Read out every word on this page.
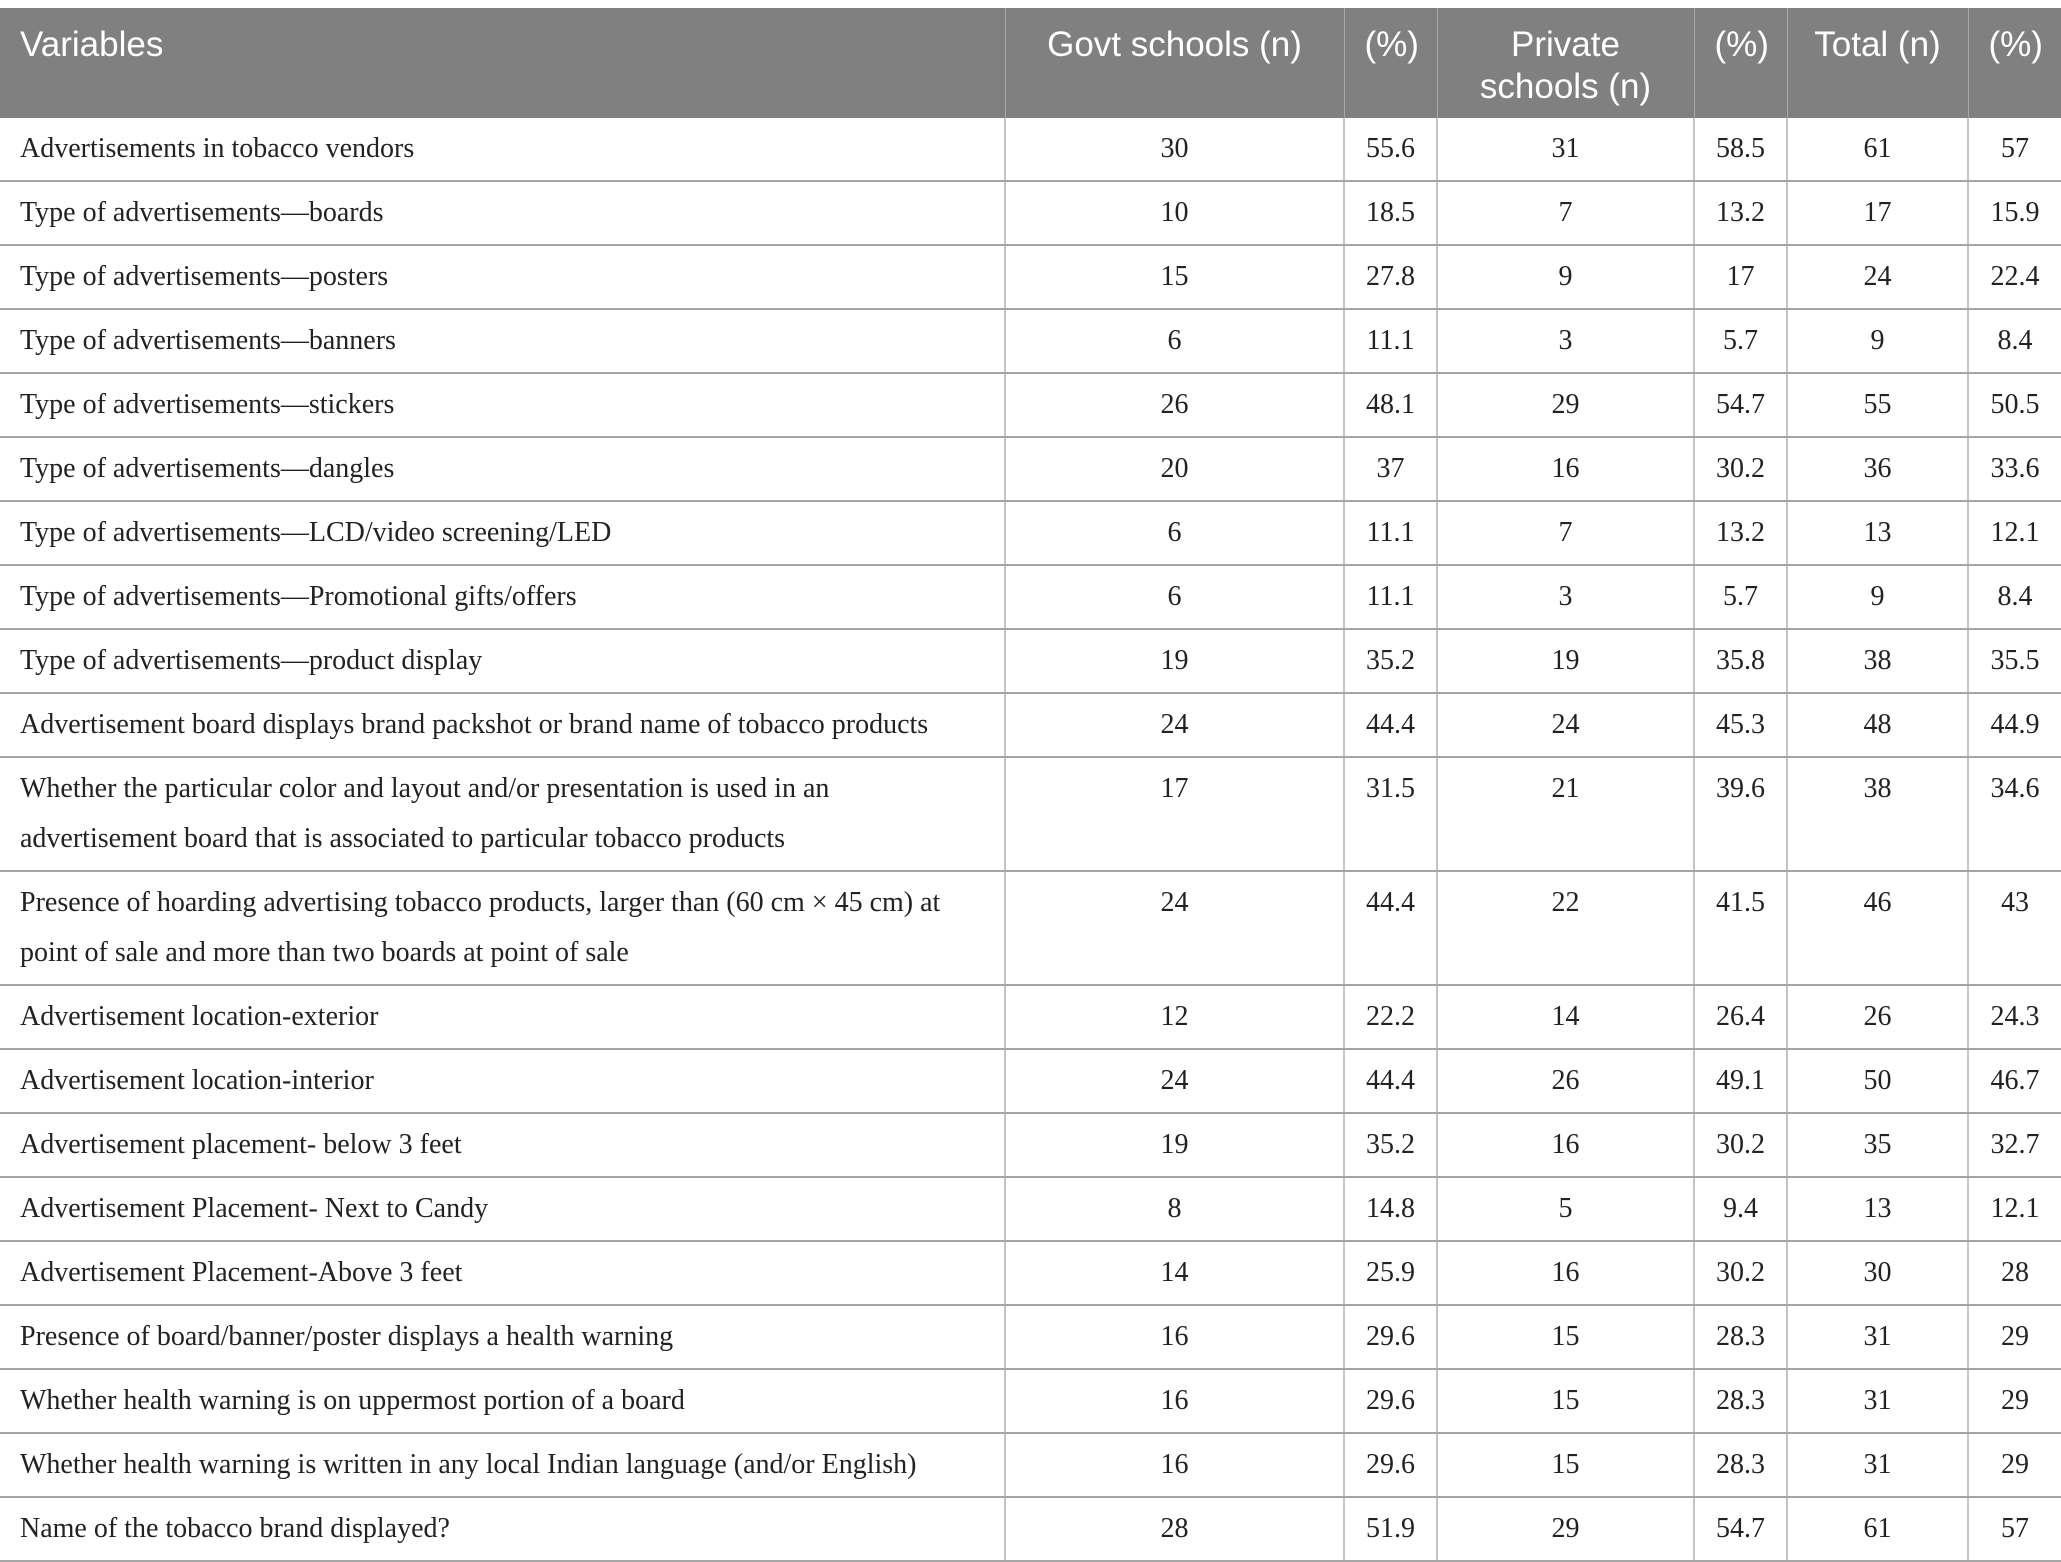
Variables	Govt schools (n)	(%)	Private schools (n)	(%)	Total (n)	(%)
Advertisements in tobacco vendors	30	55.6	31	58.5	61	57
Type of advertisements—boards	10	18.5	7	13.2	17	15.9
Type of advertisements—posters	15	27.8	9	17	24	22.4
Type of advertisements—banners	6	11.1	3	5.7	9	8.4
Type of advertisements—stickers	26	48.1	29	54.7	55	50.5
Type of advertisements—dangles	20	37	16	30.2	36	33.6
Type of advertisements—LCD/video screening/LED	6	11.1	7	13.2	13	12.1
Type of advertisements—Promotional gifts/offers	6	11.1	3	5.7	9	8.4
Type of advertisements—product display	19	35.2	19	35.8	38	35.5
Advertisement board displays brand packshot or brand name of tobacco products	24	44.4	24	45.3	48	44.9
Whether the particular color and layout and/or presentation is used in an advertisement board that is associated to particular tobacco products	17	31.5	21	39.6	38	34.6
Presence of hoarding advertising tobacco products, larger than (60 cm × 45 cm) at point of sale and more than two boards at point of sale	24	44.4	22	41.5	46	43
Advertisement location-exterior	12	22.2	14	26.4	26	24.3
Advertisement location-interior	24	44.4	26	49.1	50	46.7
Advertisement placement- below 3 feet	19	35.2	16	30.2	35	32.7
Advertisement Placement- Next to Candy	8	14.8	5	9.4	13	12.1
Advertisement Placement-Above 3 feet	14	25.9	16	30.2	30	28
Presence of board/banner/poster displays a health warning	16	29.6	15	28.3	31	29
Whether health warning is on uppermost portion of a board	16	29.6	15	28.3	31	29
Whether health warning is written in any local Indian language (and/or English)	16	29.6	15	28.3	31	29
Name of the tobacco brand displayed?	28	51.9	29	54.7	61	57
